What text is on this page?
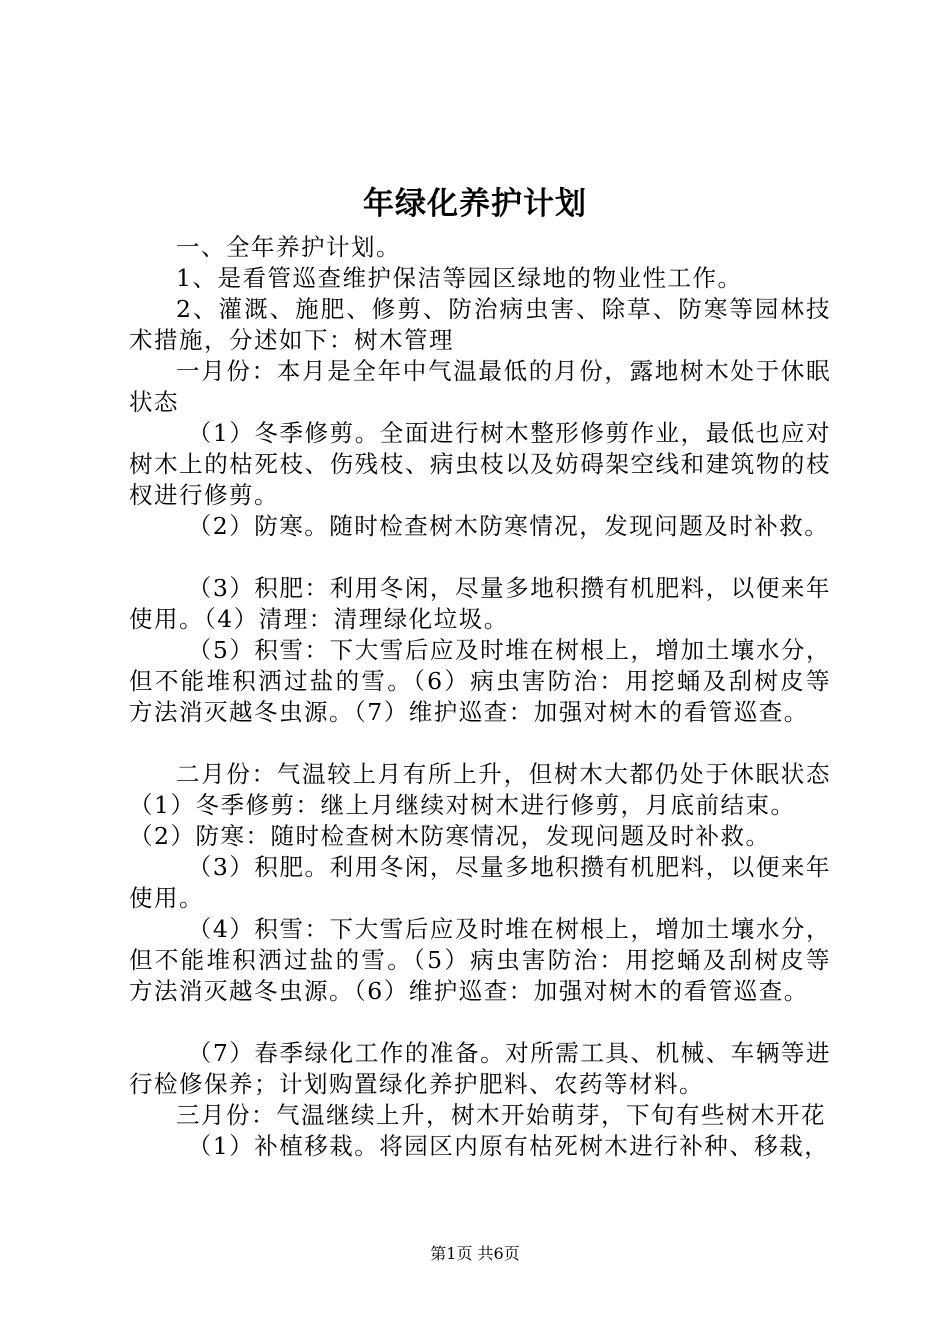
年绿化养护计划

一、全年养护计划。

1、是看管巡查维护保洁等园区绿地的物业性工作。

2、灌溉、施肥、修剪、防治病虫害、除草、防寒等园林技术措施，分述如下：树木管理

一月份：本月是全年中气温最低的月份，露地树木处于休眠状态

（1）冬季修剪。全面进行树木整形修剪作业，最低也应对树木上的枯死枝、伤残枝、病虫枝以及妨碍架空线和建筑物的枝杈进行修剪。

（2）防寒。随时检查树木防寒情况，发现问题及时补救。

（3）积肥：利用冬闲，尽量多地积攒有机肥料，以便来年使用。（4）清理：清理绿化垃圾。

（5）积雪：下大雪后应及时堆在树根上，增加土壤水分，但不能堆积洒过盐的雪。（6）病虫害防治：用挖蛹及刮树皮等方法消灭越冬虫源。（7）维护巡查：加强对树木的看管巡查。

二月份：气温较上月有所上升，但树木大都仍处于休眠状态（1）冬季修剪：继上月继续对树木进行修剪，月底前结束。

（2）防寒：随时检查树木防寒情况，发现问题及时补救。

（3）积肥。利用冬闲，尽量多地积攒有机肥料，以便来年使用。

（4）积雪：下大雪后应及时堆在树根上，增加土壤水分，但不能堆积洒过盐的雪。（5）病虫害防治：用挖蛹及刮树皮等方法消灭越冬虫源。（6）维护巡查：加强对树木的看管巡查。

（7）春季绿化工作的准备。对所需工具、机械、车辆等进行检修保养；计划购置绿化养护肥料、农药等材料。

三月份：气温继续上升，树木开始萌芽，下旬有些树木开花

（1）补植移栽。将园区内原有枯死树木进行补种、移栽，

第1页 共6页
